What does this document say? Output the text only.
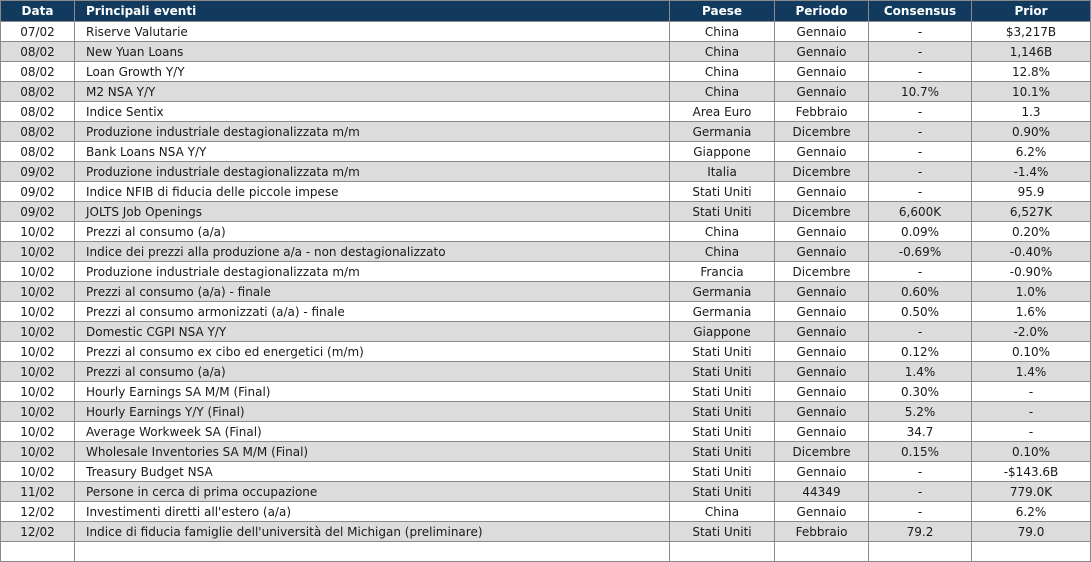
Data	Principali eventi	Paese	Periodo	Consensus	Prior
07/02	Riserve Valutarie	China	Gennaio	-	$3,217B
08/02	New Yuan Loans	China	Gennaio	-	1,146B
08/02	Loan Growth Y/Y	China	Gennaio	-	12.8%
08/02	M2 NSA Y/Y	China	Gennaio	10.7%	10.1%
08/02	Indice Sentix	Area Euro	Febbraio	-	1.3
08/02	Produzione industriale destagionalizzata m/m	Germania	Dicembre	-	0.90%
08/02	Bank Loans NSA Y/Y	Giappone	Gennaio	-	6.2%
09/02	Produzione industriale destagionalizzata m/m	Italia	Dicembre	-	-1.4%
09/02	Indice NFIB di fiducia delle piccole impese	Stati Uniti	Gennaio	-	95.9
09/02	JOLTS Job Openings	Stati Uniti	Dicembre	6,600K	6,527K
10/02	Prezzi al consumo (a/a)	China	Gennaio	0.09%	0.20%
10/02	Indice dei prezzi alla produzione a/a - non destagionalizzato	China	Gennaio	-0.69%	-0.40%
10/02	Produzione industriale destagionalizzata m/m	Francia	Dicembre	-	-0.90%
10/02	Prezzi al consumo (a/a) - finale	Germania	Gennaio	0.60%	1.0%
10/02	Prezzi al consumo armonizzati (a/a) - finale	Germania	Gennaio	0.50%	1.6%
10/02	Domestic CGPI NSA Y/Y	Giappone	Gennaio	-	-2.0%
10/02	Prezzi al consumo ex cibo ed energetici (m/m)	Stati Uniti	Gennaio	0.12%	0.10%
10/02	Prezzi al consumo (a/a)	Stati Uniti	Gennaio	1.4%	1.4%
10/02	Hourly Earnings SA M/M (Final)	Stati Uniti	Gennaio	0.30%	-
10/02	Hourly Earnings Y/Y (Final)	Stati Uniti	Gennaio	5.2%	-
10/02	Average Workweek SA (Final)	Stati Uniti	Gennaio	34.7	-
10/02	Wholesale Inventories SA M/M (Final)	Stati Uniti	Dicembre	0.15%	0.10%
10/02	Treasury Budget NSA	Stati Uniti	Gennaio	-	-$143.6B
11/02	Persone in cerca di prima occupazione	Stati Uniti	44349	-	779.0K
12/02	Investimenti diretti all'estero (a/a)	China	Gennaio	-	6.2%
12/02	Indice di fiducia famiglie dell'università del Michigan (preliminare)	Stati Uniti	Febbraio	79.2	79.0
